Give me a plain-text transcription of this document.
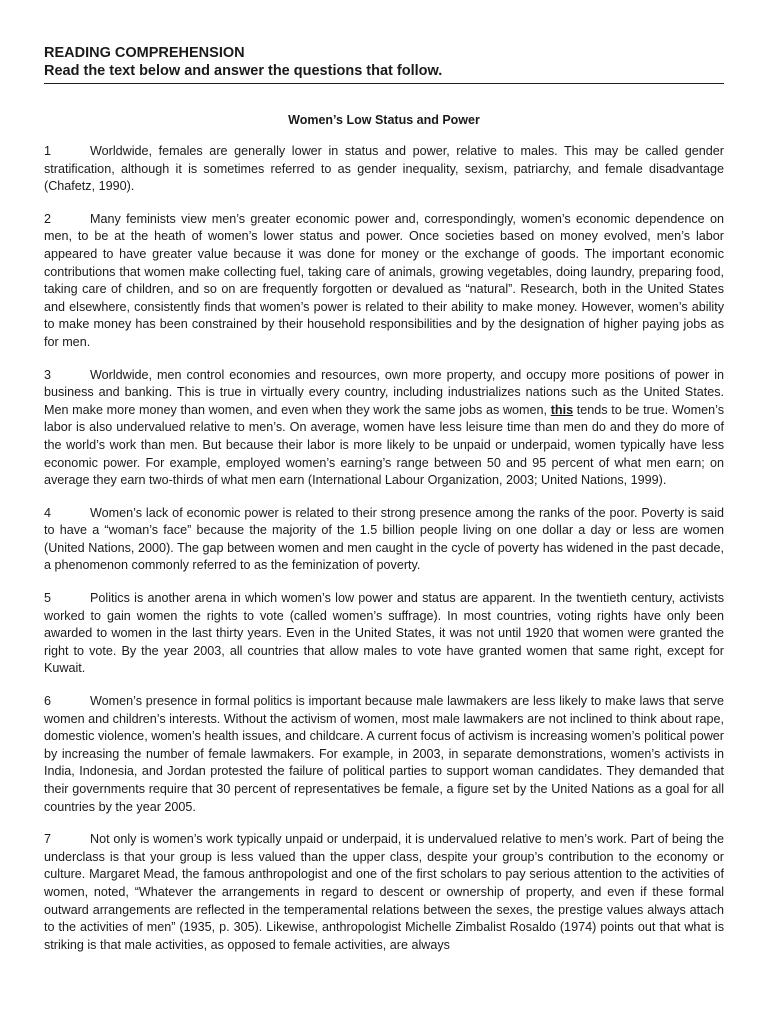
READING COMPREHENSION

Read the text below and answer the questions that follow.

Women’s Low Status and Power

1	Worldwide, females are generally lower in status and power, relative to males. This may be called gender stratification, although it is sometimes referred to as gender inequality, sexism, patriarchy, and female disadvantage (Chafetz, 1990).

2	Many feminists view men’s greater economic power and, correspondingly, women’s economic dependence on men, to be at the heath of women’s lower status and power. Once societies based on money evolved, men’s labor appeared to have greater value because it was done for money or the exchange of goods. The important economic contributions that women make collecting fuel, taking care of animals, growing vegetables, doing laundry, preparing food, taking care of children, and so on are frequently forgotten or devalued as “natural”. Research, both in the United States and elsewhere, consistently finds that women’s power is related to their ability to make money. However, women’s ability to make money has been constrained by their household responsibilities and by the designation of higher paying jobs as for men.

3	Worldwide, men control economies and resources, own more property, and occupy more positions of power in business and banking. This is true in virtually every country, including industrializes nations such as the United States. Men make more money than women, and even when they work the same jobs as women, this tends to be true. Women’s labor is also undervalued relative to men’s. On average, women have less leisure time than men do and they do more of the world’s work than men. But because their labor is more likely to be unpaid or underpaid, women typically have less economic power. For example, employed women’s earning’s range between 50 and 95 percent of what men earn; on average they earn two-thirds of what men earn (International Labour Organization, 2003; United Nations, 1999).

4	Women’s lack of economic power is related to their strong presence among the ranks of the poor. Poverty is said to have a “woman’s face” because the majority of the 1.5 billion people living on one dollar a day or less are women (United Nations, 2000). The gap between women and men caught in the cycle of poverty has widened in the past decade, a phenomenon commonly referred to as the feminization of poverty.

5	Politics is another arena in which women’s low power and status are apparent. In the twentieth century, activists worked to gain women the rights to vote (called women’s suffrage). In most countries, voting rights have only been awarded to women in the last thirty years. Even in the United States, it was not until 1920 that women were granted the right to vote. By the year 2003, all countries that allow males to vote have granted women that same right, except for Kuwait.

6	Women’s presence in formal politics is important because male lawmakers are less likely to make laws that serve women and children’s interests. Without the activism of women, most male lawmakers are not inclined to think about rape, domestic violence, women’s health issues, and childcare. A current focus of activism is increasing women’s political power by increasing the number of female lawmakers. For example, in 2003, in separate demonstrations, women’s activists in India, Indonesia, and Jordan protested the failure of political parties to support woman candidates. They demanded that their governments require that 30 percent of representatives be female, a figure set by the United Nations as a goal for all countries by the year 2005.

7	Not only is women’s work typically unpaid or underpaid, it is undervalued relative to men’s work. Part of being the underclass is that your group is less valued than the upper class, despite your group’s contribution to the economy or culture. Margaret Mead, the famous anthropologist and one of the first scholars to pay serious attention to the activities of women, noted, “Whatever the arrangements in regard to descent or ownership of property, and even if these formal outward arrangements are reflected in the temperamental relations between the sexes, the prestige values always attach to the activities of men” (1935, p. 305). Likewise, anthropologist Michelle Zimbalist Rosaldo (1974) points out that what is striking is that male activities, as opposed to female activities, are always
